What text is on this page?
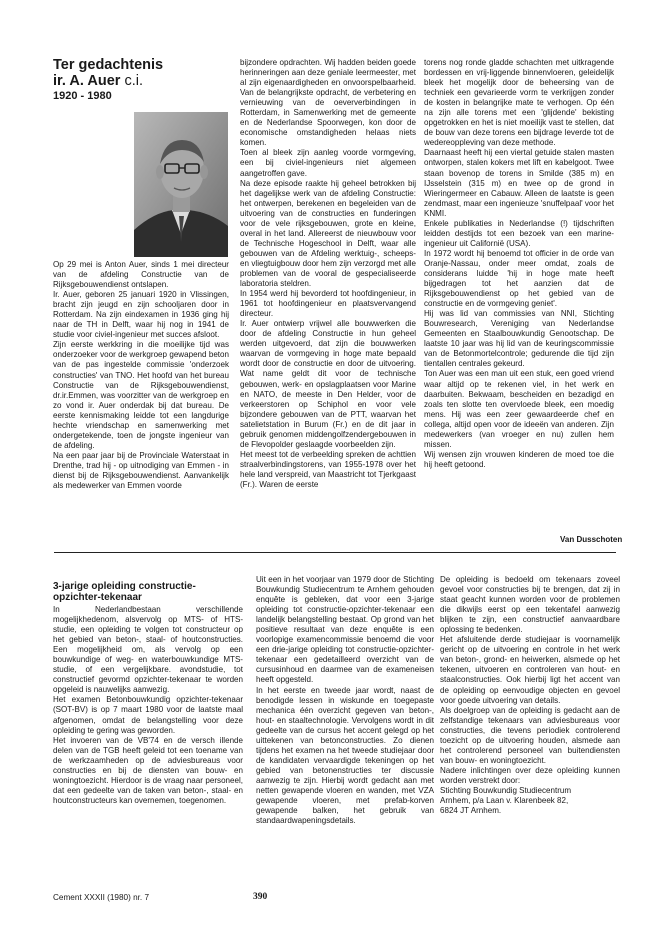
Ter gedachtenis
ir. A. Auer c.i.
1920 - 1980

Op 29 mei is Anton Auer, sinds 1 mei directeur van de afdeling Constructie van de Rijksgebouwendienst ontslapen.

Ir. Auer, geboren 25 januari 1920 in Vlissingen, bracht zijn jeugd en zijn schooljaren door in Rotterdam. Na zijn eindexamen in 1936 ging hij naar de TH in Delft, waar hij nog in 1941 de studie voor civiel-ingenieur met succes afsloot.

Zijn eerste werkkring in die moeilijke tijd was onderzoeker voor de werkgroep gewapend beton van de pas ingestelde commissie 'onderzoek constructies' van TNO. Het hoofd van het bureau Constructie van de Rijksgebouwendienst, dr.ir.Emmen, was voorzitter van de werkgroep en zo vond ir. Auer onderdak bij dat bureau. De eerste kennismaking leidde tot een langdurige hechte vriendschap en samenwerking met ondergetekende, toen de jongste ingenieur van de afdeling.

Na een paar jaar bij de Provinciale Waterstaat in Drenthe, trad hij - op uitnodiging van Emmen - in dienst bij de Rijksgebouwendienst. Aanvankelijk als medewerker van Emmen voorde

bijzondere opdrachten. Wij hadden beiden goede herinneringen aan deze geniale leermeester, met al zijn eigenaardigheden en onvoorspelbaarheid. Van de belangrijkste opdracht, de verbetering en vernieuwing van de oeververbindingen in Rotterdam, in Samenwerking met de gemeente en de Nederlandse Spoorwegen, kon door de economische omstandigheden helaas niets komen.

Toen al bleek zijn aanleg voorde vormgeving, een bij civiel-ingenieurs niet algemeen aangetroffen gave.

Na deze episode raakte hij geheel betrokken bij het dagelijkse werk van de afdeling Constructie: het ontwerpen, berekenen en begeleiden van de uitvoering van de constructies en funderingen voor de vele rijksgebouwen, grote en kleine, overal in het land. Allereerst de nieuwbouw voor de Technische Hogeschool in Delft, waar alle gebouwen van de Afdeling werktuig-, scheeps- en vliegtuigbouw door hem zijn verzorgd met alle problemen van de vooral de gespecialiseerde laboratoria steldren.

In 1954 werd hij bevorderd tot hoofdingenieur, in 1961 tot hoofdingenieur en plaatsvervangend directeur.

Ir. Auer ontwierp vrijwel alle bouwwerken die door de afdeling Constructie in hun geheel werden uitgevoerd, dat zijn die bouwwerken waarvan de vormgeving in hoge mate bepaald wordt door de constructie en door de uitvoering. Wat name geldt dit voor de technische gebouwen, werk- en opslagplaatsen voor Marine en NATO, de meeste in Den Helder, voor de verkeerstoren op Schiphol en voor vele bijzondere gebouwen van de PTT, waarvan het satelietstation in Burum (Fr.) en de dit jaar in gebruik genomen middengolfzendergebouwen in de Flevopolder geslaagde voorbeelden zijn.

Het meest tot de verbeelding spreken de achttien straalverbindingstorens, van 1955-1978 over het hele land verspreid, van Maastricht tot Tjerkgaast (Fr.). Waren de eerste

torens nog ronde gladde schachten met uitkragende bordessen en vrij-liggende binnenvloeren, geleidelijk bleek het mogelijk door de beheersing van de techniek een gevarieerde vorm te verkrijgen zonder de kosten in belangrijke mate te verhogen. Op één na zijn alle torens met een 'glijdende' bekisting opgetrokken en het is niet moeilijk vast te stellen, dat de bouw van deze torens een bijdrage leverde tot de wedereoppleving van deze methode.

Daarnaast heeft hij een viertal getuide stalen masten ontworpen, stalen kokers met lift en kabelgoot. Twee staan bovenop de torens in Smilde (385 m) en IJsselstein (315 m) en twee op de grond in Wieringermeer en Cabauw. Alleen de laatste is geen zendmast, maar een ingenieuze 'snuffelpaal' voor het KNMI.

Enkele publikaties in Nederlandse (!) tijdschriften leidden destijds tot een bezoek van een marine-ingenieur uit Californië (USA).

In 1972 wordt hij benoemd tot officier in de orde van Oranje-Nassau, onder meer omdat, zoals de considerans luidde 'hij in hoge mate heeft bijgedragen tot het aanzien dat de Rijksgebouwendienst op het gebied van de constructie en de vormgeving geniet'.

Hij was lid van commissies van NNI, Stichting Bouwresearch, Vereniging van Nederlandse Gemeenten en Staalbouwkundig Genootschap. De laatste 10 jaar was hij lid van de keuringscommissie van de Betonmortelcontrole; gedurende die tijd zijn tientallen centrales gekeurd.

Ton Auer was een man uit een stuk, een goed vriend waar altijd op te rekenen viel, in het werk en daarbuiten. Bekwaam, bescheiden en bezadigd en zoals ten slotte ten overvloede bleek, een moedig mens. Hij was een zeer gewaardeerde chef en collega, altijd open voor de ideeën van anderen. Zijn medewerkers (van vroeger en nu) zullen hem missen.

Wij wensen zijn vrouwen kinderen de moed toe die hij heeft getoond.

Van Dusschoten
3-jarige opleiding constructie-
opzichter-tekenaar

In Nederlandbestaan verschillende mogelijkhedenom, alsvervolg op MTS- of HTS-studie, een opleiding te volgen tot constructeur op het gebied van beton-, staal- of houtconstructies. Een mogelijkheid om, als vervolg op een bouwkundige of weg- en waterbouwkundige MTS-studie, of een vergelijkbare. avondstudie, tot constructief gevormd opzichter-tekenaar te worden opgeleid is nauwelijks aanwezig.

Het examen Betonbouwkundig opzichter-tekenaar (SOT-BV) is op 7 maart 1980 voor de laatste maal afgenomen, omdat de belangstelling voor deze opleiding te gering was geworden.

Het invoeren van de VB'74 en de versch illende delen van de TGB heeft geleid tot een toename van de werkzaamheden op de adviesbureaus voor constructies en bij de diensten van bouw- en woningtoezicht. Hierdoor is de vraag naar personeel, dat een gedeelte van de taken van beton-, staal- en houtconstructeurs kan overnemen, toegenomen.

Uit een in het voorjaar van 1979 door de Stichting Bouwkundig Studiecentrum te Arnhem gehouden enquête is gebleken, dat voor een 3-jarige opleiding tot constructie-opzichter-tekenaar een landelijk belangstelling bestaat. Op grond van het positieve resultaat van deze enquête is een voorlopige examencommissie benoemd die voor een drie-jarige opleiding tot constructie-opzichter-tekenaar een gedetailleerd overzicht van de cursusinhoud en daarmee van de exameneisen heeft opgesteld.

In het eerste en tweede jaar wordt, naast de benodigde lessen in wiskunde en toegepaste mechanica één overzicht gegeven van beton-, hout- en staaltechnologie. Vervolgens wordt in dit gedeelte van de cursus het accent gelegd op het uittekenen van betonconstructies. Zo dienen tijdens het examen na het tweede studiejaar door de kandidaten vervaardigde tekeningen op het gebied van betonenstructies ter discussie aanwezig te zijn. Hierbij wordt gedacht aan met netten gewapende vloeren en wanden, met VZA gewapende vloeren, met prefab-korven gewapende balken, het gebruik van standaardwapeningsdetails.

De opleiding is bedoeld om tekenaars zoveel gevoel voor constructies bij te brengen, dat zij in staat geacht kunnen worden voor de problemen die dikwijls eerst op een tekentafel aanwezig blijken te zijn, een constructief aanvaardbare oplossing te bedenken.

Het afsluitende derde studiejaar is voornamelijk gericht op de uitvoering en controle in het werk van beton-, grond- en heiwerken, alsmede op het tekenen, uitvoeren en controleren van hout- en staalconstructies. Ook hierbij ligt het accent van de opleiding op eenvoudige objecten en gevoel voor goede uitvoering van details.

Als doelgroep van de opleiding is gedacht aan de zelfstandige tekenaars van adviesbureaus voor constructies, die tevens periodiek controlerend toezicht op de uitvoering houden, alsmede aan het controlerend personeel van buitendiensten van bouw- en woningtoezicht.

Nadere inlichtingen over deze opleiding kunnen worden verstrekt door:

Stichting Bouwkundig Studiecentrum
Arnhem, p/a Laan v. Klarenbeek 82,
6824 JT Arnhem.

Cement XXXII (1980) nr. 7	390
